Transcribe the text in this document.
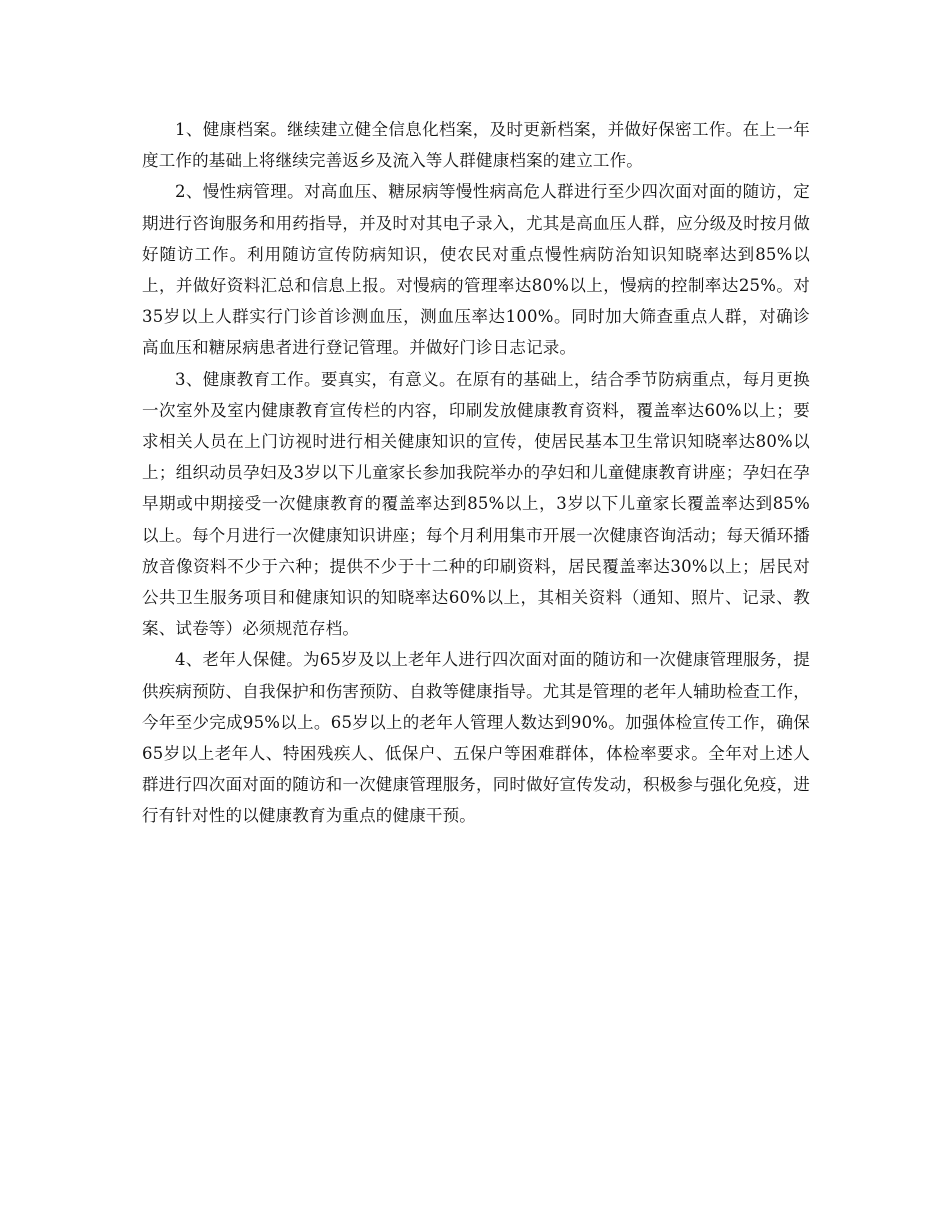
1、健康档案。继续建立健全信息化档案，及时更新档案，并做好保密工作。在上一年度工作的基础上将继续完善返乡及流入等人群健康档案的建立工作。

2、慢性病管理。对高血压、糖尿病等慢性病高危人群进行至少四次面对面的随访，定期进行咨询服务和用药指导，并及时对其电子录入，尤其是高血压人群，应分级及时按月做好随访工作。利用随访宣传防病知识，使农民对重点慢性病防治知识知晓率达到85%以上，并做好资料汇总和信息上报。对慢病的管理率达80%以上，慢病的控制率达25%。对35岁以上人群实行门诊首诊测血压，测血压率达100%。同时加大筛查重点人群，对确诊高血压和糖尿病患者进行登记管理。并做好门诊日志记录。

3、健康教育工作。要真实，有意义。在原有的基础上，结合季节防病重点，每月更换一次室外及室内健康教育宣传栏的内容，印刷发放健康教育资料，覆盖率达60%以上；要求相关人员在上门访视时进行相关健康知识的宣传，使居民基本卫生常识知晓率达80%以上；组织动员孕妇及3岁以下儿童家长参加我院举办的孕妇和儿童健康教育讲座；孕妇在孕早期或中期接受一次健康教育的覆盖率达到85%以上，3岁以下儿童家长覆盖率达到85%以上。每个月进行一次健康知识讲座；每个月利用集市开展一次健康咨询活动；每天循环播放音像资料不少于六种；提供不少于十二种的印刷资料，居民覆盖率达30%以上；居民对公共卫生服务项目和健康知识的知晓率达60%以上，其相关资料（通知、照片、记录、教案、试卷等）必须规范存档。

4、老年人保健。为65岁及以上老年人进行四次面对面的随访和一次健康管理服务，提供疾病预防、自我保护和伤害预防、自救等健康指导。尤其是管理的老年人辅助检查工作，今年至少完成95%以上。65岁以上的老年人管理人数达到90%。加强体检宣传工作，确保65岁以上老年人、特困残疾人、低保户、五保户等困难群体，体检率要求。全年对上述人群进行四次面对面的随访和一次健康管理服务，同时做好宣传发动，积极参与强化免疫，进行有针对性的以健康教育为重点的健康干预。
